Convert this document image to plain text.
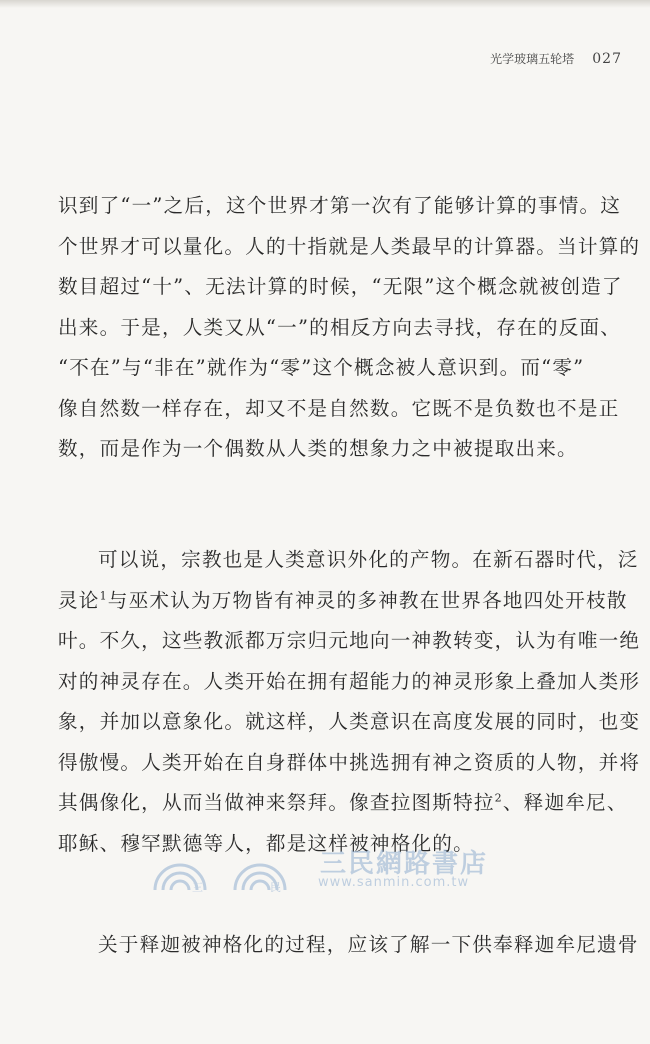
光学玻璃五轮塔 027
识到了“一”之后，这个世界才第一次有了能够计算的事情。这
个世界才可以量化。人的十指就是人类最早的计算器。当计算的
数目超过“十”、无法计算的时候，“无限”这个概念就被创造了
出来。于是，人类又从“一”的相反方向去寻找，存在的反面、
“不在”与“非在”就作为“零”这个概念被人意识到。而“零”
像自然数一样存在，却又不是自然数。它既不是负数也不是正
数，而是作为一个偶数从人类的想象力之中被提取出来。
可以说，宗教也是人类意识外化的产物。在新石器时代，泛
灵论$^1$与巫术认为万物皆有神灵的多神教在世界各地四处开枝散
叶。不久，这些教派都万宗归元地向一神教转变，认为有唯一绝
对的神灵存在。人类开始在拥有超能力的神灵形象上叠加人类形
象，并加以意象化。就这样，人类意识在高度发展的同时，也变
得傲慢。人类开始在自身群体中挑选拥有神之资质的人物，并将
其偶像化，从而当做神来祭拜。像查拉图斯特拉$^2$、释迦牟尼、
耶稣、穆罕默德等人，都是这样被神格化的。
关于释迦被神格化的过程，应该了解一下供奉释迦牟尼遗骨
三	民
三民網路書店
www.sanmin.com.tw
